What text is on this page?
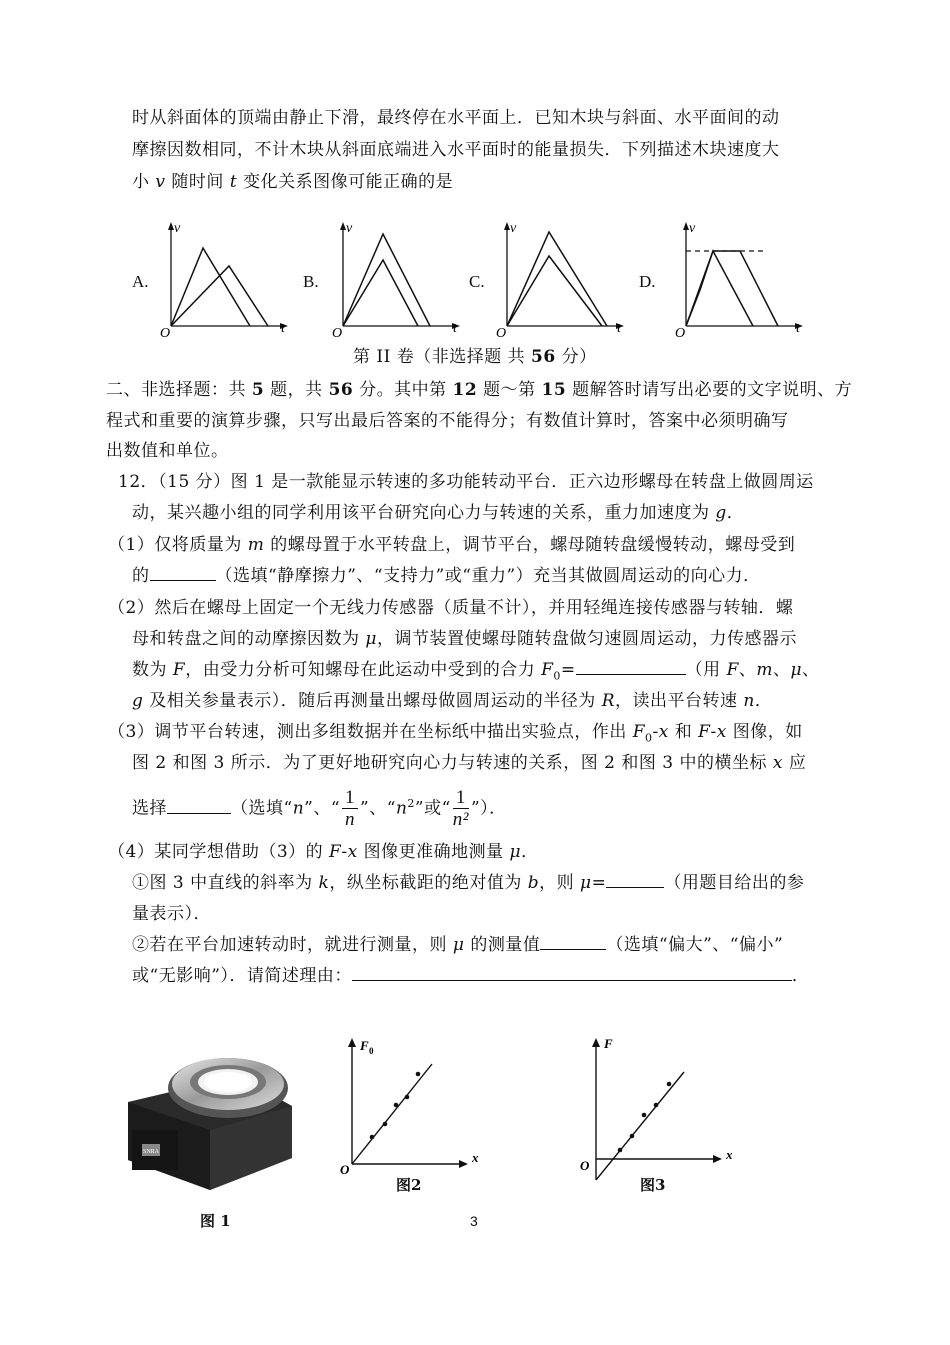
时从斜面体的顶端由静止下滑，最终停在水平面上．已知木块与斜面、水平面间的动
摩擦因数相同，不计木块从斜面底端进入水平面时的能量损失．下列描述木块速度大
小 v 随时间 t 变化关系图像可能正确的是
A.	B.	C.	D.
v
t
O
v
t
O
v
t
O
v
t
O
第 II 卷（非选择题 共 56 分）
二、非选择题：共 5 题，共 56 分。其中第 12 题～第 15 题解答时请写出必要的文字说明、方
程式和重要的演算步骤，只写出最后答案的不能得分；有数值计算时，答案中必须明确写
出数值和单位。
12．（15 分）图 1 是一款能显示转速的多功能转动平台．正六边形螺母在转盘上做圆周运
动，某兴趣小组的同学利用该平台研究向心力与转速的关系，重力加速度为 g．
（1）仅将质量为 m 的螺母置于水平转盘上，调节平台，螺母随转盘缓慢转动，螺母受到
的	（选填“静摩擦力”、“支持力”或“重力”）充当其做圆周运动的向心力．
（2）然后在螺母上固定一个无线力传感器（质量不计），并用轻绳连接传感器与转轴．螺
母和转盘之间的动摩擦因数为 μ，调节装置使螺母随转盘做匀速圆周运动，力传感器示
数为 F，由受力分析可知螺母在此运动中受到的合力 $F_0=$	（用 F、m、μ、
g 及相关参量表示）．随后再测量出螺母做圆周运动的半径为 R，读出平台转速 n．
（3）调节平台转速，测出多组数据并在坐标纸中描出实验点，作出 $F_0-x$ 和 F-x 图像，如
图 2 和图 3 所示．为了更好地研究向心力与转速的关系，图 2 和图 3 中的横坐标 x 应
选择	（选填“n”、“ $\frac{1}{n}$ ”、“$n^2$”或“ $\frac{1}{\text{n²}}$ ”）．
（4）某同学想借助（3）的 F-x 图像更准确地测量 μ．
①图 3 中直线的斜率为 k，纵坐标截距的绝对值为 b，则 μ=	（用题目给出的参
量表示）．
②若在平台加速转动时，就进行测量，则 μ 的测量值	（选填“偏大”、“偏小”
或“无影响”）．请简述理由：	．
SNRA
图 1
F 0
x
O
图2
F
x
O
图3
3
